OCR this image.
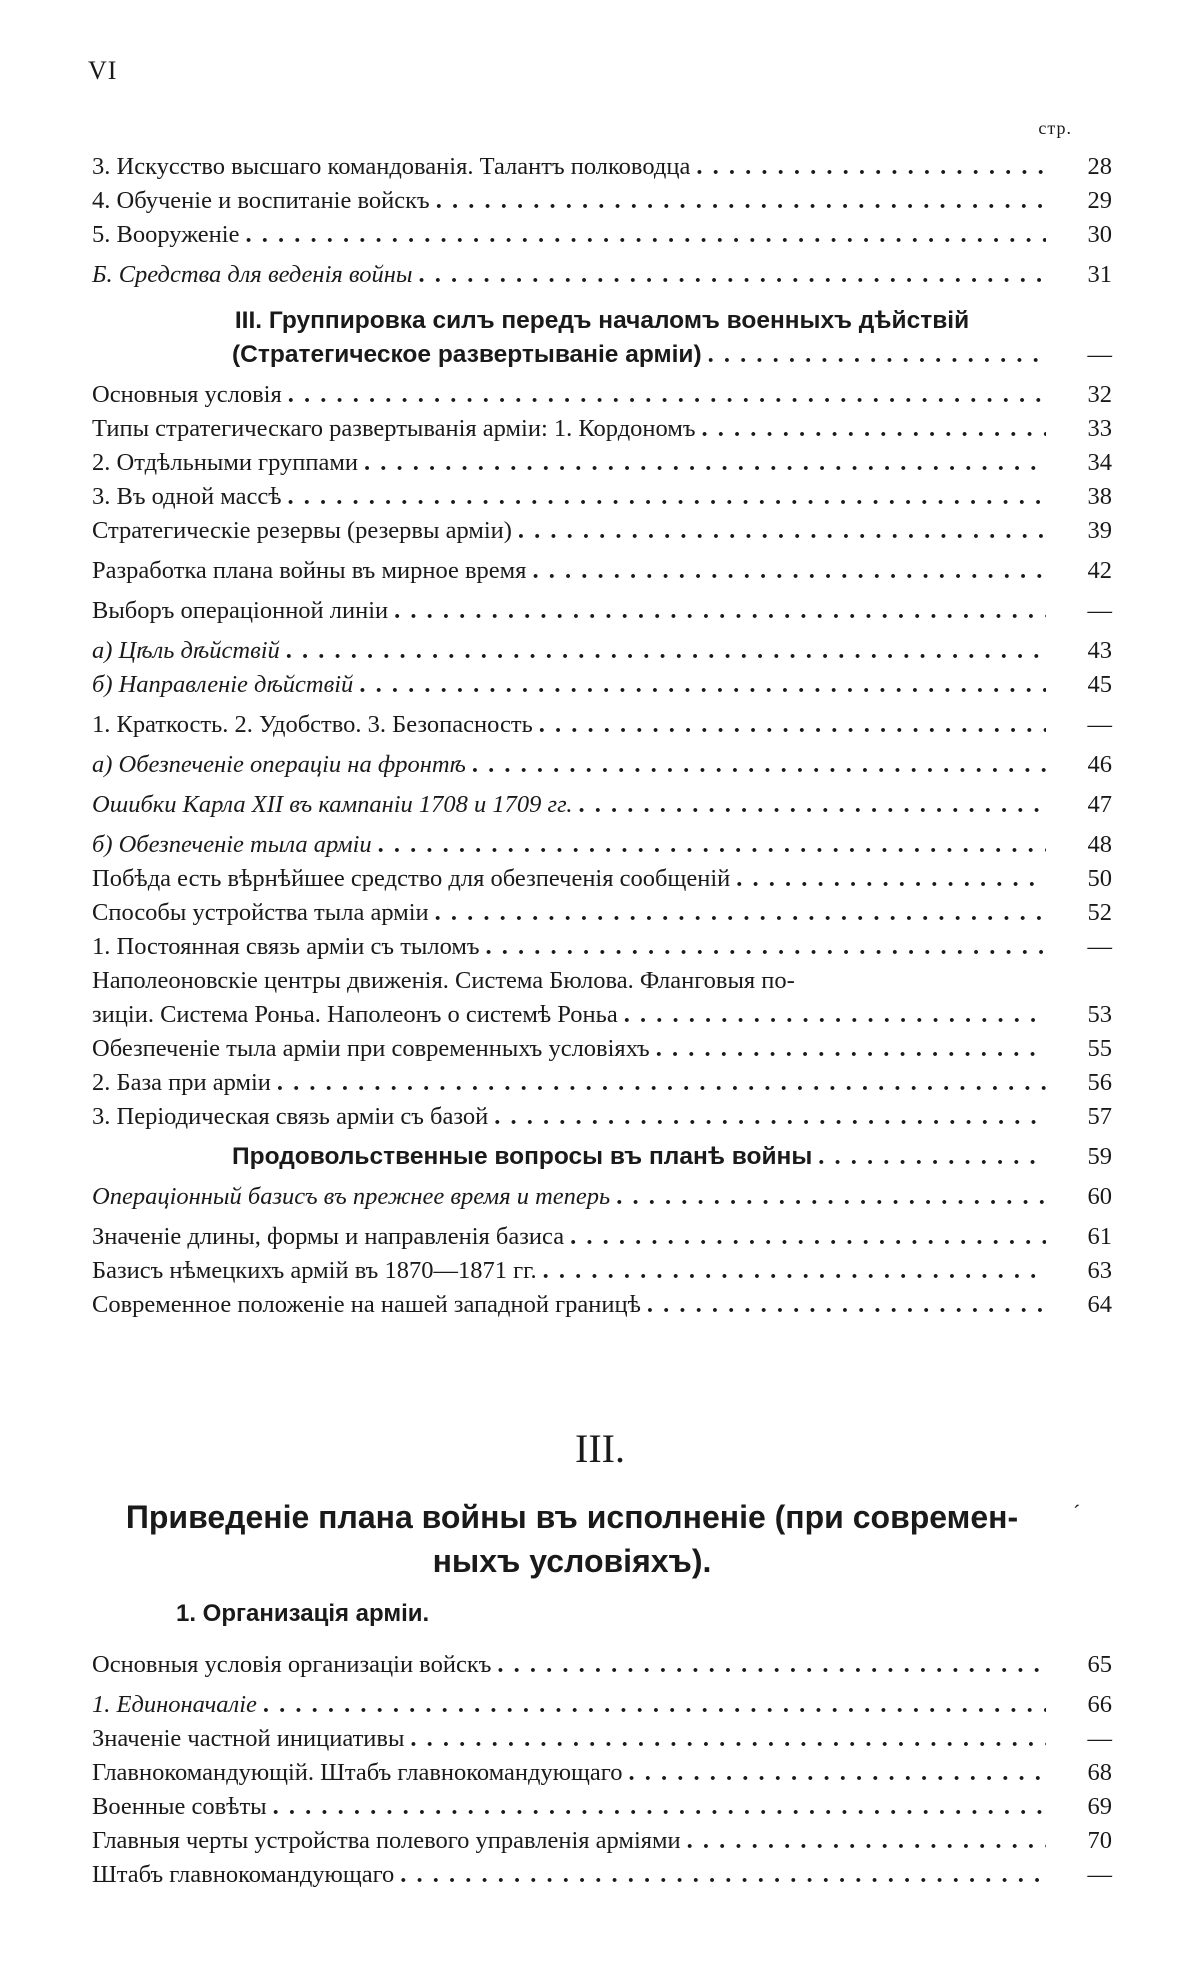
VI
стр.
3. Искусство высшаго командованія. Талантъ полководца . . .	28
4. Обученіе и воспитаніе войскъ . . .	29
5. Вооруженіе . . .	30
Б. Средства для веденія войны . . .	31
III. Группировка силъ передъ началомъ военныхъ дѣйствій
(Стратегическое развертываніе арміи) . . .	—
Основныя условія . . .	32
Типы стратегическаго развертыванія арміи: 1. Кордономъ . . .	33
2. Отдѣльными группами . . .	34
3. Въ одной массѣ . . .	38
Стратегическіе резервы (резервы арміи) . . .	39
Разработка плана войны въ мирное время . . .	42
Выборъ операціонной линіи . . .	—
а) Цѣль дѣйствій . . .	43
б) Направленіе дѣйствій . . .	45
1. Краткость. 2. Удобство. 3. Безопасность . . .	—
а) Обезпеченіе операціи на фронтѣ . . .	46
Ошибки Карла XII въ кампаніи 1708 и 1709 гг. . . .	47
б) Обезпеченіе тыла арміи . . .	48
Побѣда есть вѣрнѣйшее средство для обезпеченія сообщеній . . .	50
Способы устройства тыла арміи . . .	52
1. Постоянная связь арміи съ тыломъ . . .	—
Наполеоновскіе центры движенія. Система Бюлова. Фланговыя по-
зиціи. Система Роньа. Наполеонъ о системѣ Роньа . . .	53
Обезпеченіе тыла арміи при современныхъ условіяхъ . . .	55
2. База при арміи . . .	56
3. Періодическая связь арміи съ базой . . .	57
Продовольственные вопросы въ планѣ войны . . .	59
Операціонный базисъ въ прежнее время и теперь . . .	60
Значеніе длины, формы и направленія базиса . . .	61
Базисъ нѣмецкихъ армій въ 1870—1871 гг. . . .	63
Современное положеніе на нашей западной границѣ . . .	64
III.
Приведеніе плана войны въ исполненіе (при современ-
ныхъ условіяхъ).
ˊ
1. Организація арміи.
Основныя условія организаціи войскъ . . .	65
1. Единоначаліе . . .	66
Значеніе частной инициативы . . .	—
Главнокомандующій. Штабъ главнокомандующаго . . .	68
Военные совѣты . . .	69
Главныя черты устройства полевого управленія арміями . . .	70
Штабъ главнокомандующаго . . .	—
